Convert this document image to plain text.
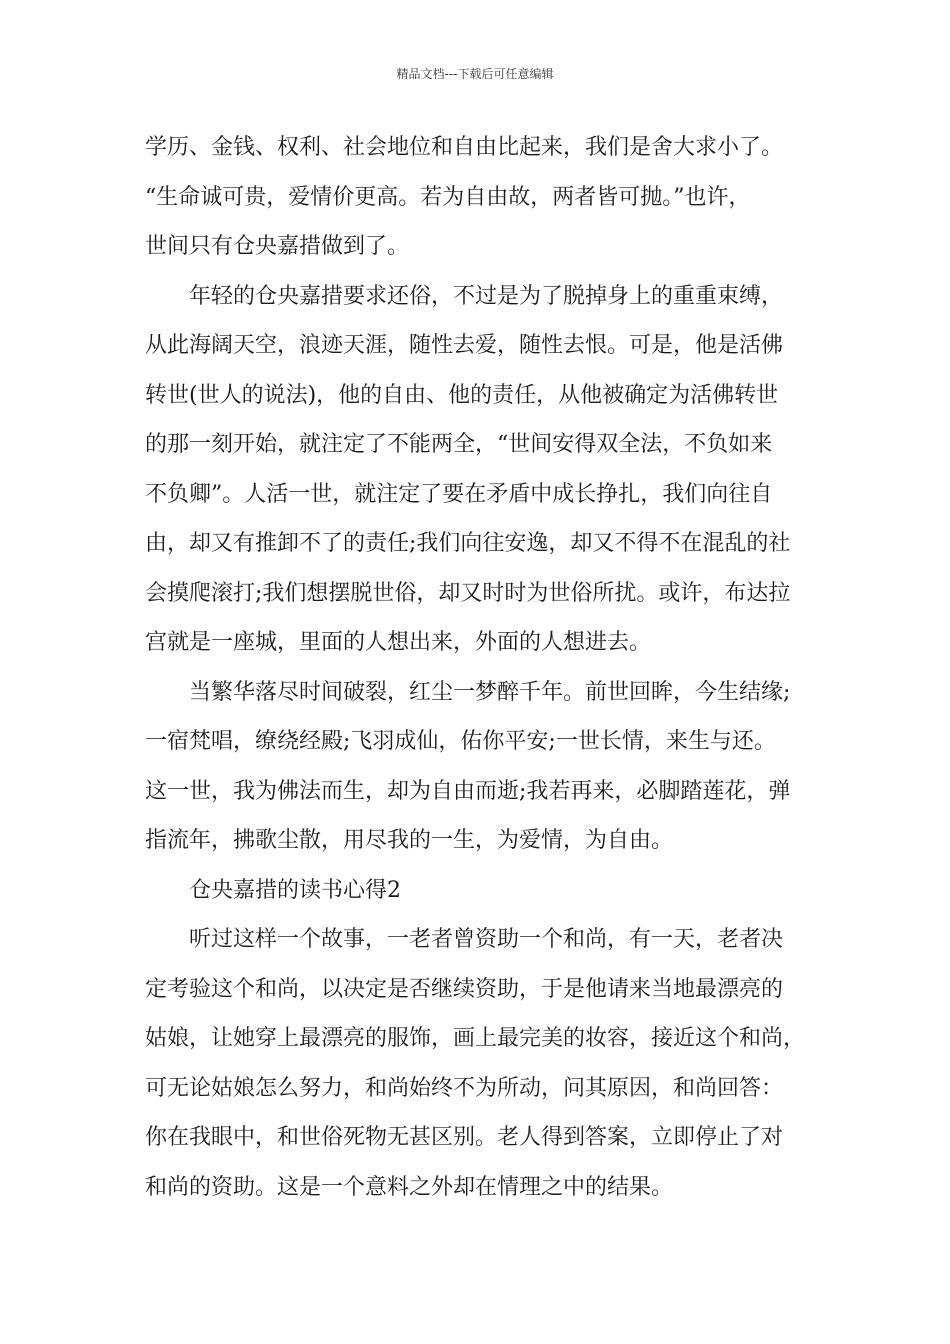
精品文档---下载后可任意编辑
学历、金钱、权利、社会地位和自由比起来，我们是舍大求小了。
“生命诚可贵，爱情价更高。若为自由故，两者皆可抛。”也许，
世间只有仓央嘉措做到了。
年轻的仓央嘉措要求还俗，不过是为了脱掉身上的重重束缚，
从此海阔天空，浪迹天涯，随性去爱，随性去恨。可是，他是活佛
转世(世人的说法)，他的自由、他的责任，从他被确定为活佛转世
的那一刻开始，就注定了不能两全，“世间安得双全法，不负如来
不负卿”。人活一世，就注定了要在矛盾中成长挣扎，我们向往自
由，却又有推卸不了的责任;我们向往安逸，却又不得不在混乱的社
会摸爬滚打;我们想摆脱世俗，却又时时为世俗所扰。或许，布达拉
宫就是一座城，里面的人想出来，外面的人想进去。
当繁华落尽时间破裂，红尘一梦醉千年。前世回眸，今生结缘;
一宿梵唱，缭绕经殿;飞羽成仙，佑你平安;一世长情，来生与还。
这一世，我为佛法而生，却为自由而逝;我若再来，必脚踏莲花，弹
指流年，拂歌尘散，用尽我的一生，为爱情，为自由。
仓央嘉措的读书心得2
听过这样一个故事，一老者曾资助一个和尚，有一天，老者决
定考验这个和尚，以决定是否继续资助，于是他请来当地最漂亮的
姑娘，让她穿上最漂亮的服饰，画上最完美的妆容，接近这个和尚，
可无论姑娘怎么努力，和尚始终不为所动，问其原因，和尚回答：
你在我眼中，和世俗死物无甚区别。老人得到答案，立即停止了对
和尚的资助。这是一个意料之外却在情理之中的结果。
